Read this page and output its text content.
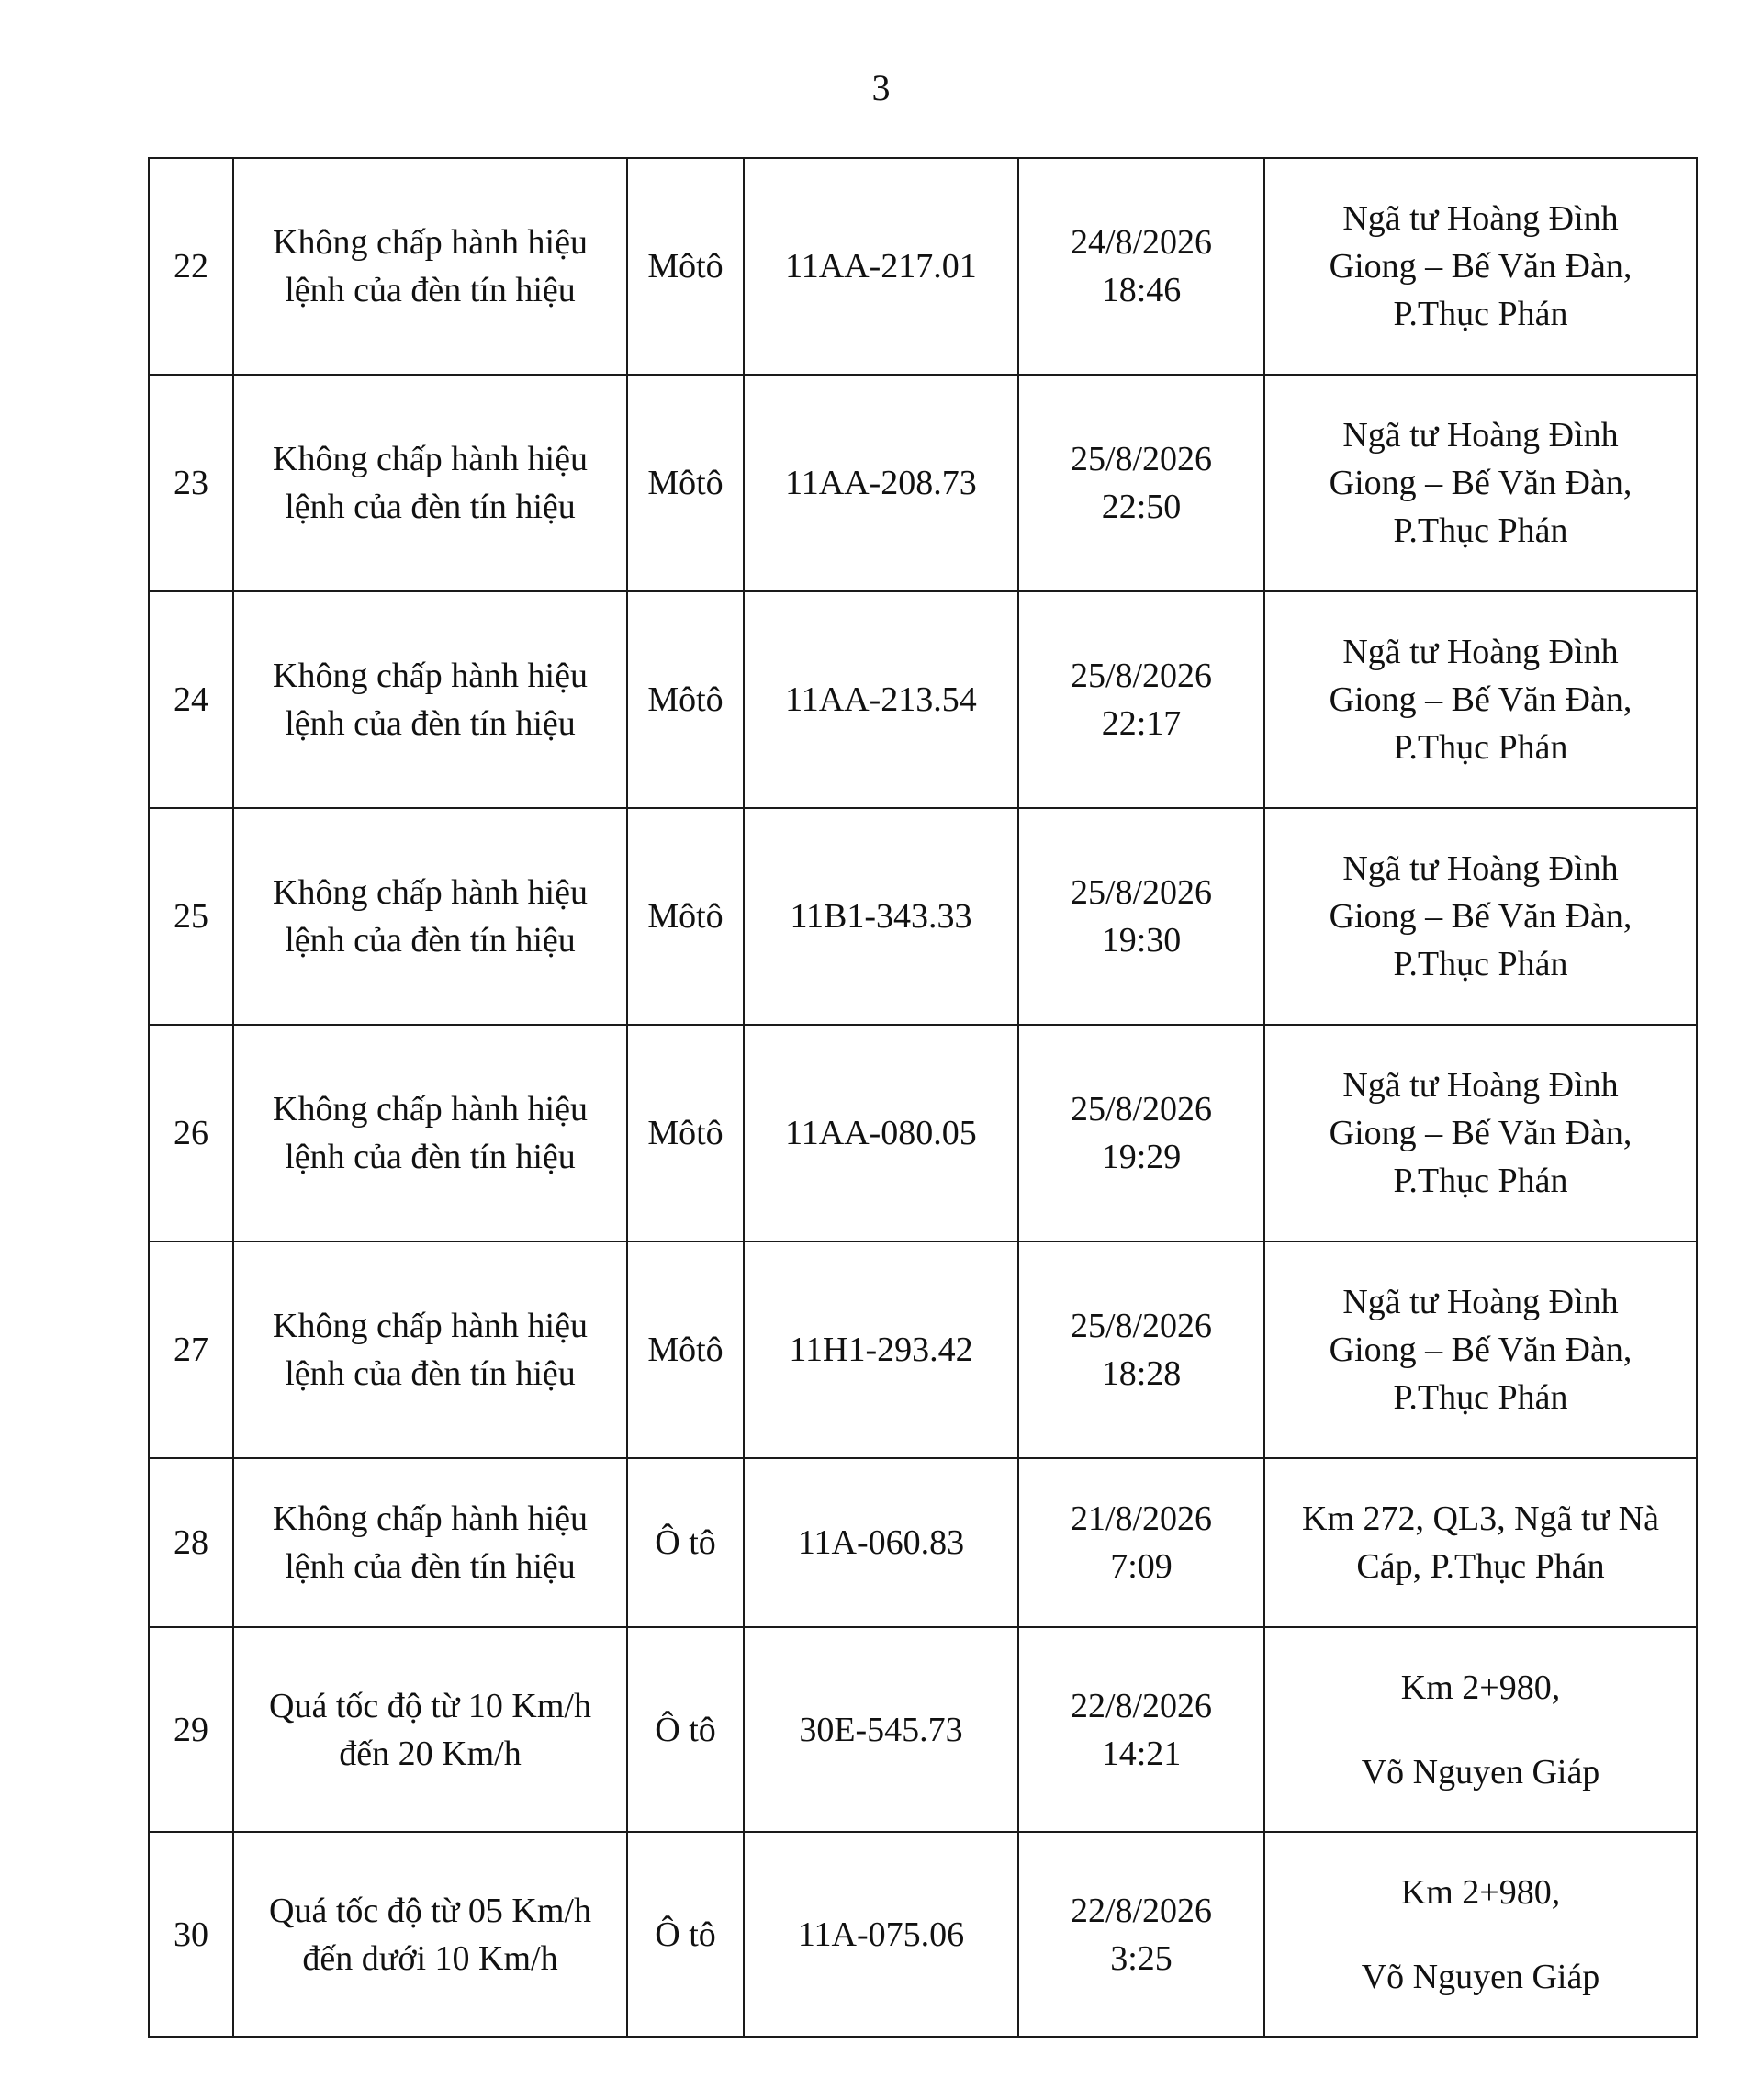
3
22	Không chấp hành hiệu
lệnh của đèn tín hiệu	Môtô	11AA-217.01	24/8/2026
18:46	Ngã tư Hoàng Đình
Giong – Bế Văn Đàn,
P.Thục Phán

23	Không chấp hành hiệu
lệnh của đèn tín hiệu	Môtô	11AA-208.73	25/8/2026
22:50	Ngã tư Hoàng Đình
Giong – Bế Văn Đàn,
P.Thục Phán

24	Không chấp hành hiệu
lệnh của đèn tín hiệu	Môtô	11AA-213.54	25/8/2026
22:17	Ngã tư Hoàng Đình
Giong – Bế Văn Đàn,
P.Thục Phán

25	Không chấp hành hiệu
lệnh của đèn tín hiệu	Môtô	11B1-343.33	25/8/2026
19:30	Ngã tư Hoàng Đình
Giong – Bế Văn Đàn,
P.Thục Phán

26	Không chấp hành hiệu
lệnh của đèn tín hiệu	Môtô	11AA-080.05	25/8/2026
19:29	Ngã tư Hoàng Đình
Giong – Bế Văn Đàn,
P.Thục Phán

27	Không chấp hành hiệu
lệnh của đèn tín hiệu	Môtô	11H1-293.42	25/8/2026
18:28	Ngã tư Hoàng Đình
Giong – Bế Văn Đàn,
P.Thục Phán

28	Không chấp hành hiệu
lệnh của đèn tín hiệu	Ô tô	11A-060.83	21/8/2026
7:09	Km 272, QL3, Ngã tư Nà
Cáp, P.Thục Phán

29	Quá tốc độ từ 10 Km/h
đến 20 Km/h	Ô tô	30E-545.73	22/8/2026
14:21	Km 2+980,
Võ Nguyen Giáp

30	Quá tốc độ từ 05 Km/h
đến dưới 10 Km/h	Ô tô	11A-075.06	22/8/2026
3:25	Km 2+980,
Võ Nguyen Giáp
